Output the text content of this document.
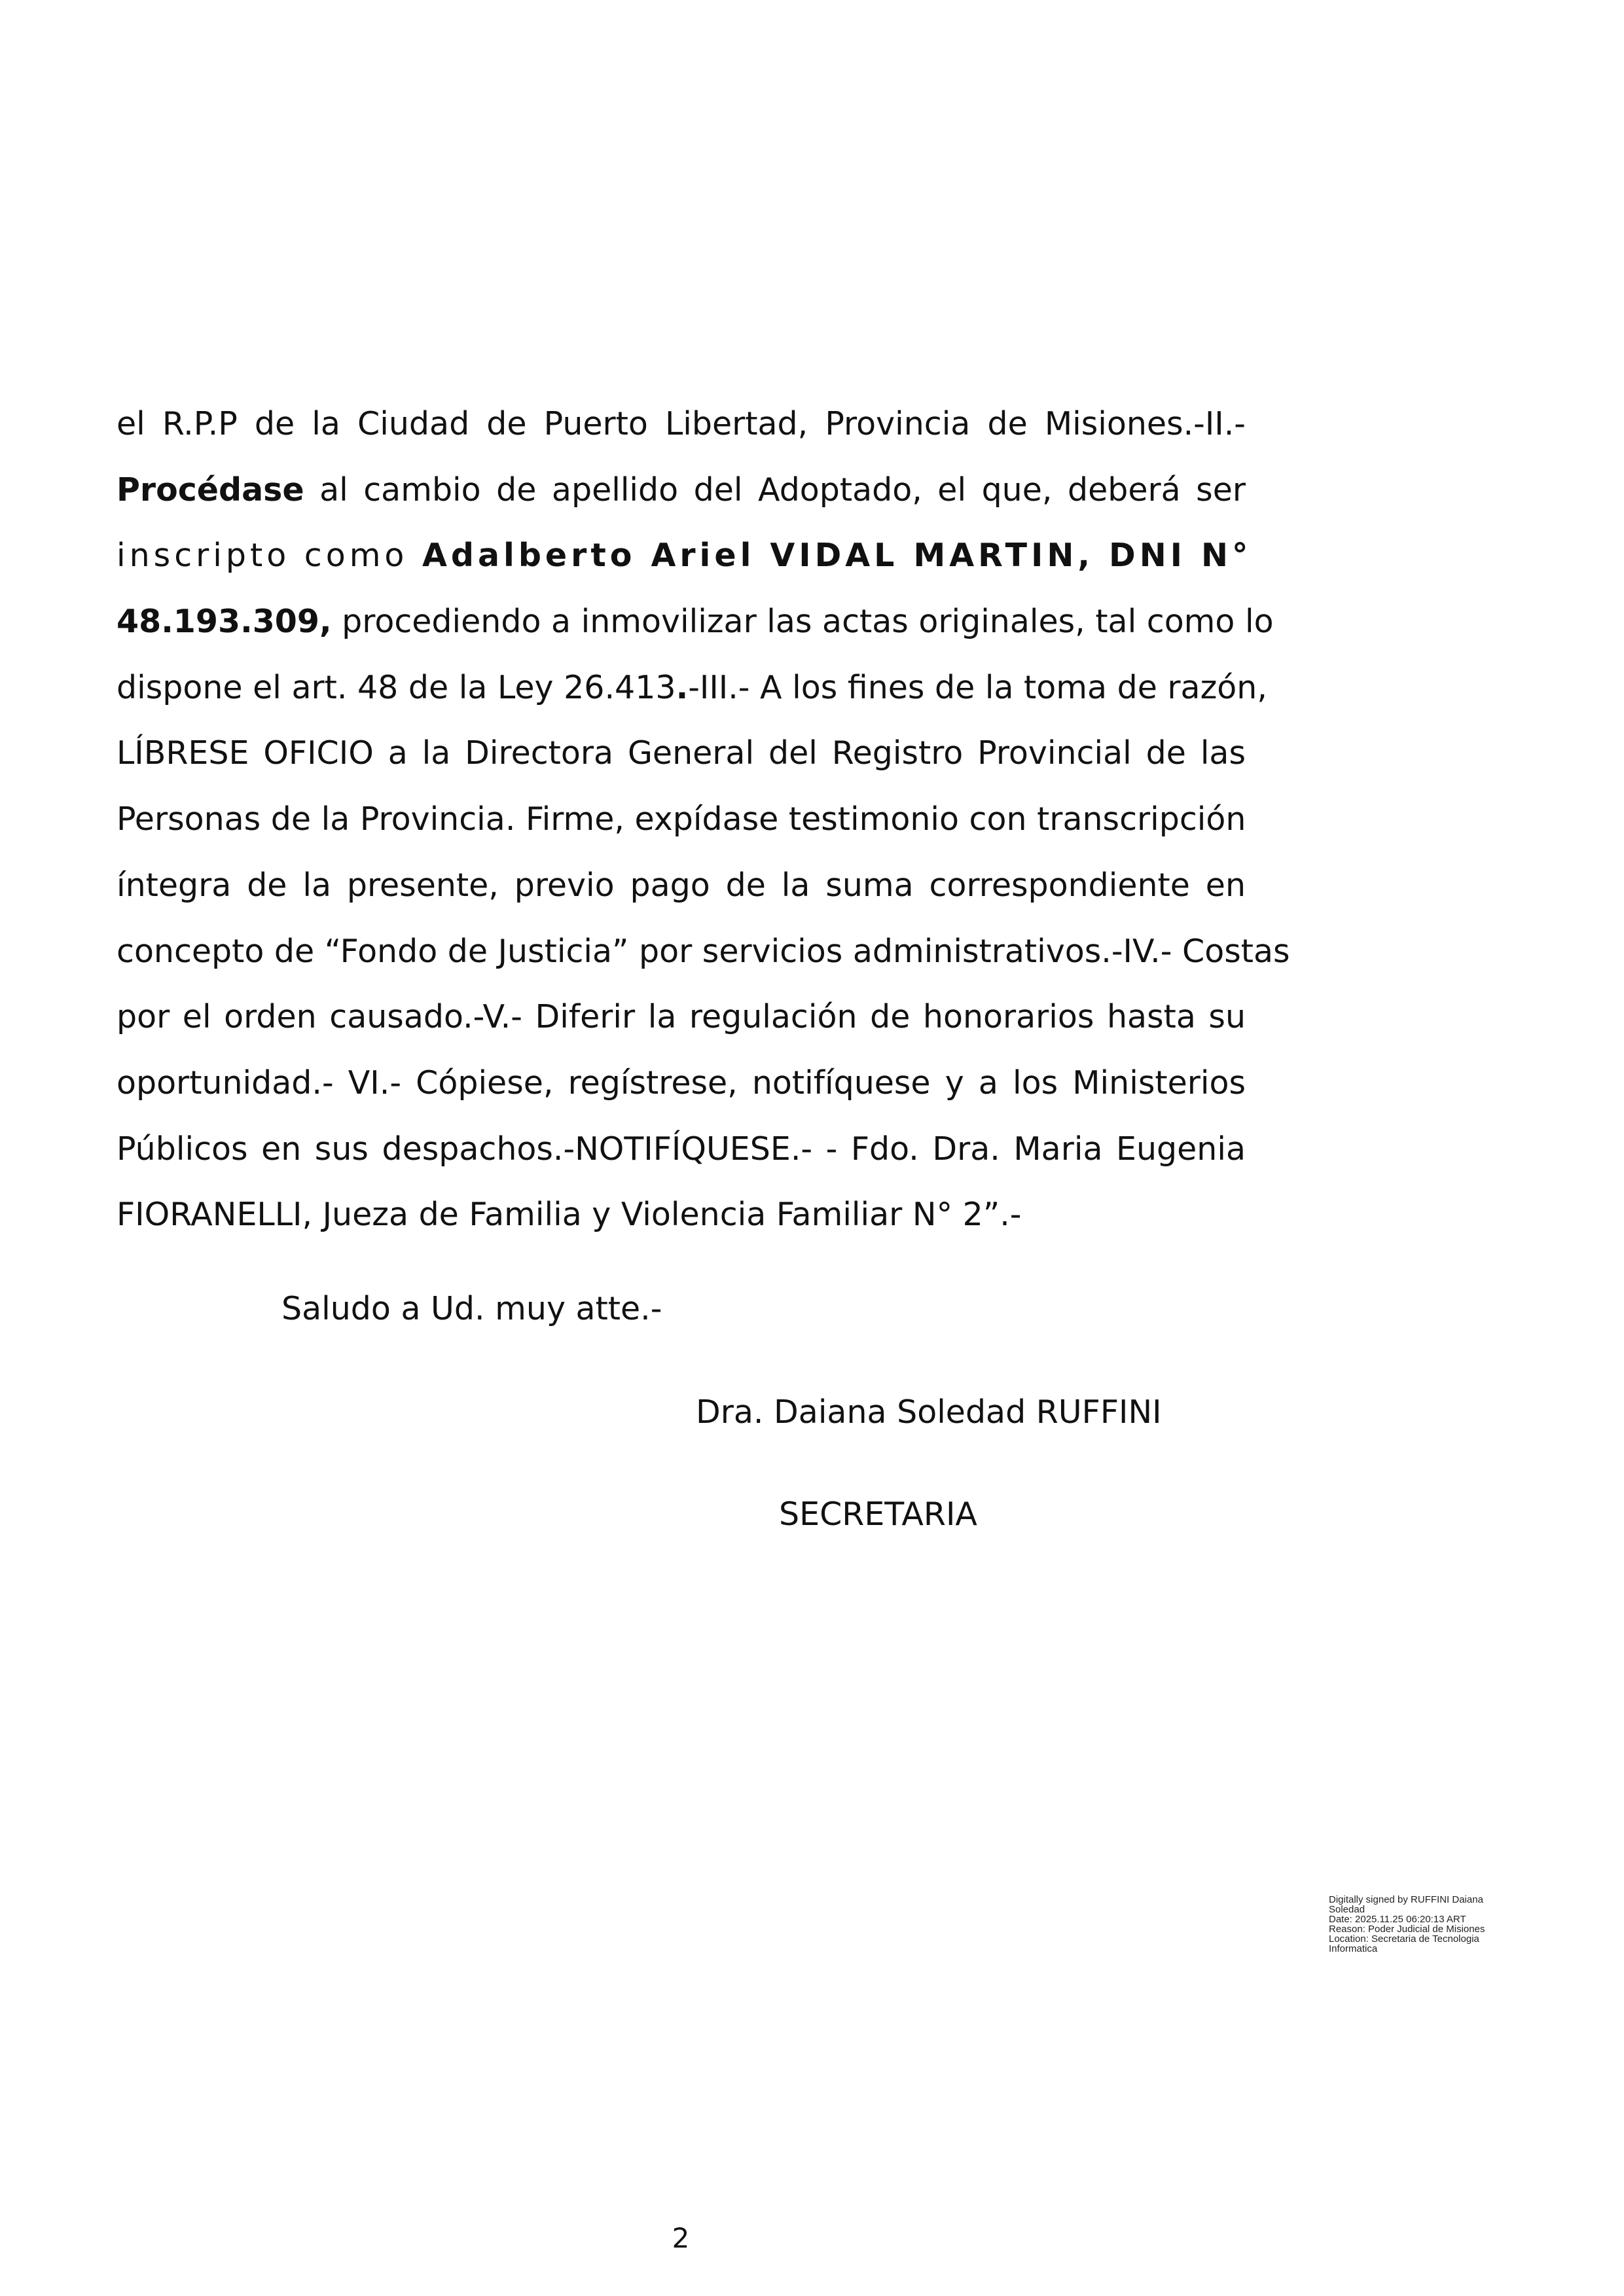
el R.P.P de la Ciudad de Puerto Libertad, Provincia de Misiones.-II.-
Procédase al cambio de apellido del Adoptado, el que, deberá ser
inscripto como Adalberto Ariel VIDAL MARTIN, DNI N°
48.193.309, procediendo a inmovilizar las actas originales, tal como lo
dispone el art. 48 de la Ley 26.413.-III.- A los fines de la toma de razón,
LÍBRESE OFICIO a la Directora General del Registro Provincial de las
Personas de la Provincia. Firme, expídase testimonio con transcripción
íntegra de la presente, previo pago de la suma correspondiente en
concepto de “Fondo de Justicia” por servicios administrativos.-IV.- Costas
por el orden causado.-V.- Diferir la regulación de honorarios hasta su
oportunidad.- VI.- Cópiese, regístrese, notifíquese y a los Ministerios
Públicos en sus despachos.-NOTIFÍQUESE.- - Fdo. Dra. Maria Eugenia
FIORANELLI, Jueza de Familia y Violencia Familiar N° 2”.-

Saludo a Ud. muy atte.-

Dra. Daiana Soledad RUFFINI

SECRETARIA

Digitally signed by RUFFINI Daiana
Soledad
Date: 2025.11.25 06:20:13 ART
Reason: Poder Judicial de Misiones
Location: Secretaria de Tecnologia
Informatica
2
